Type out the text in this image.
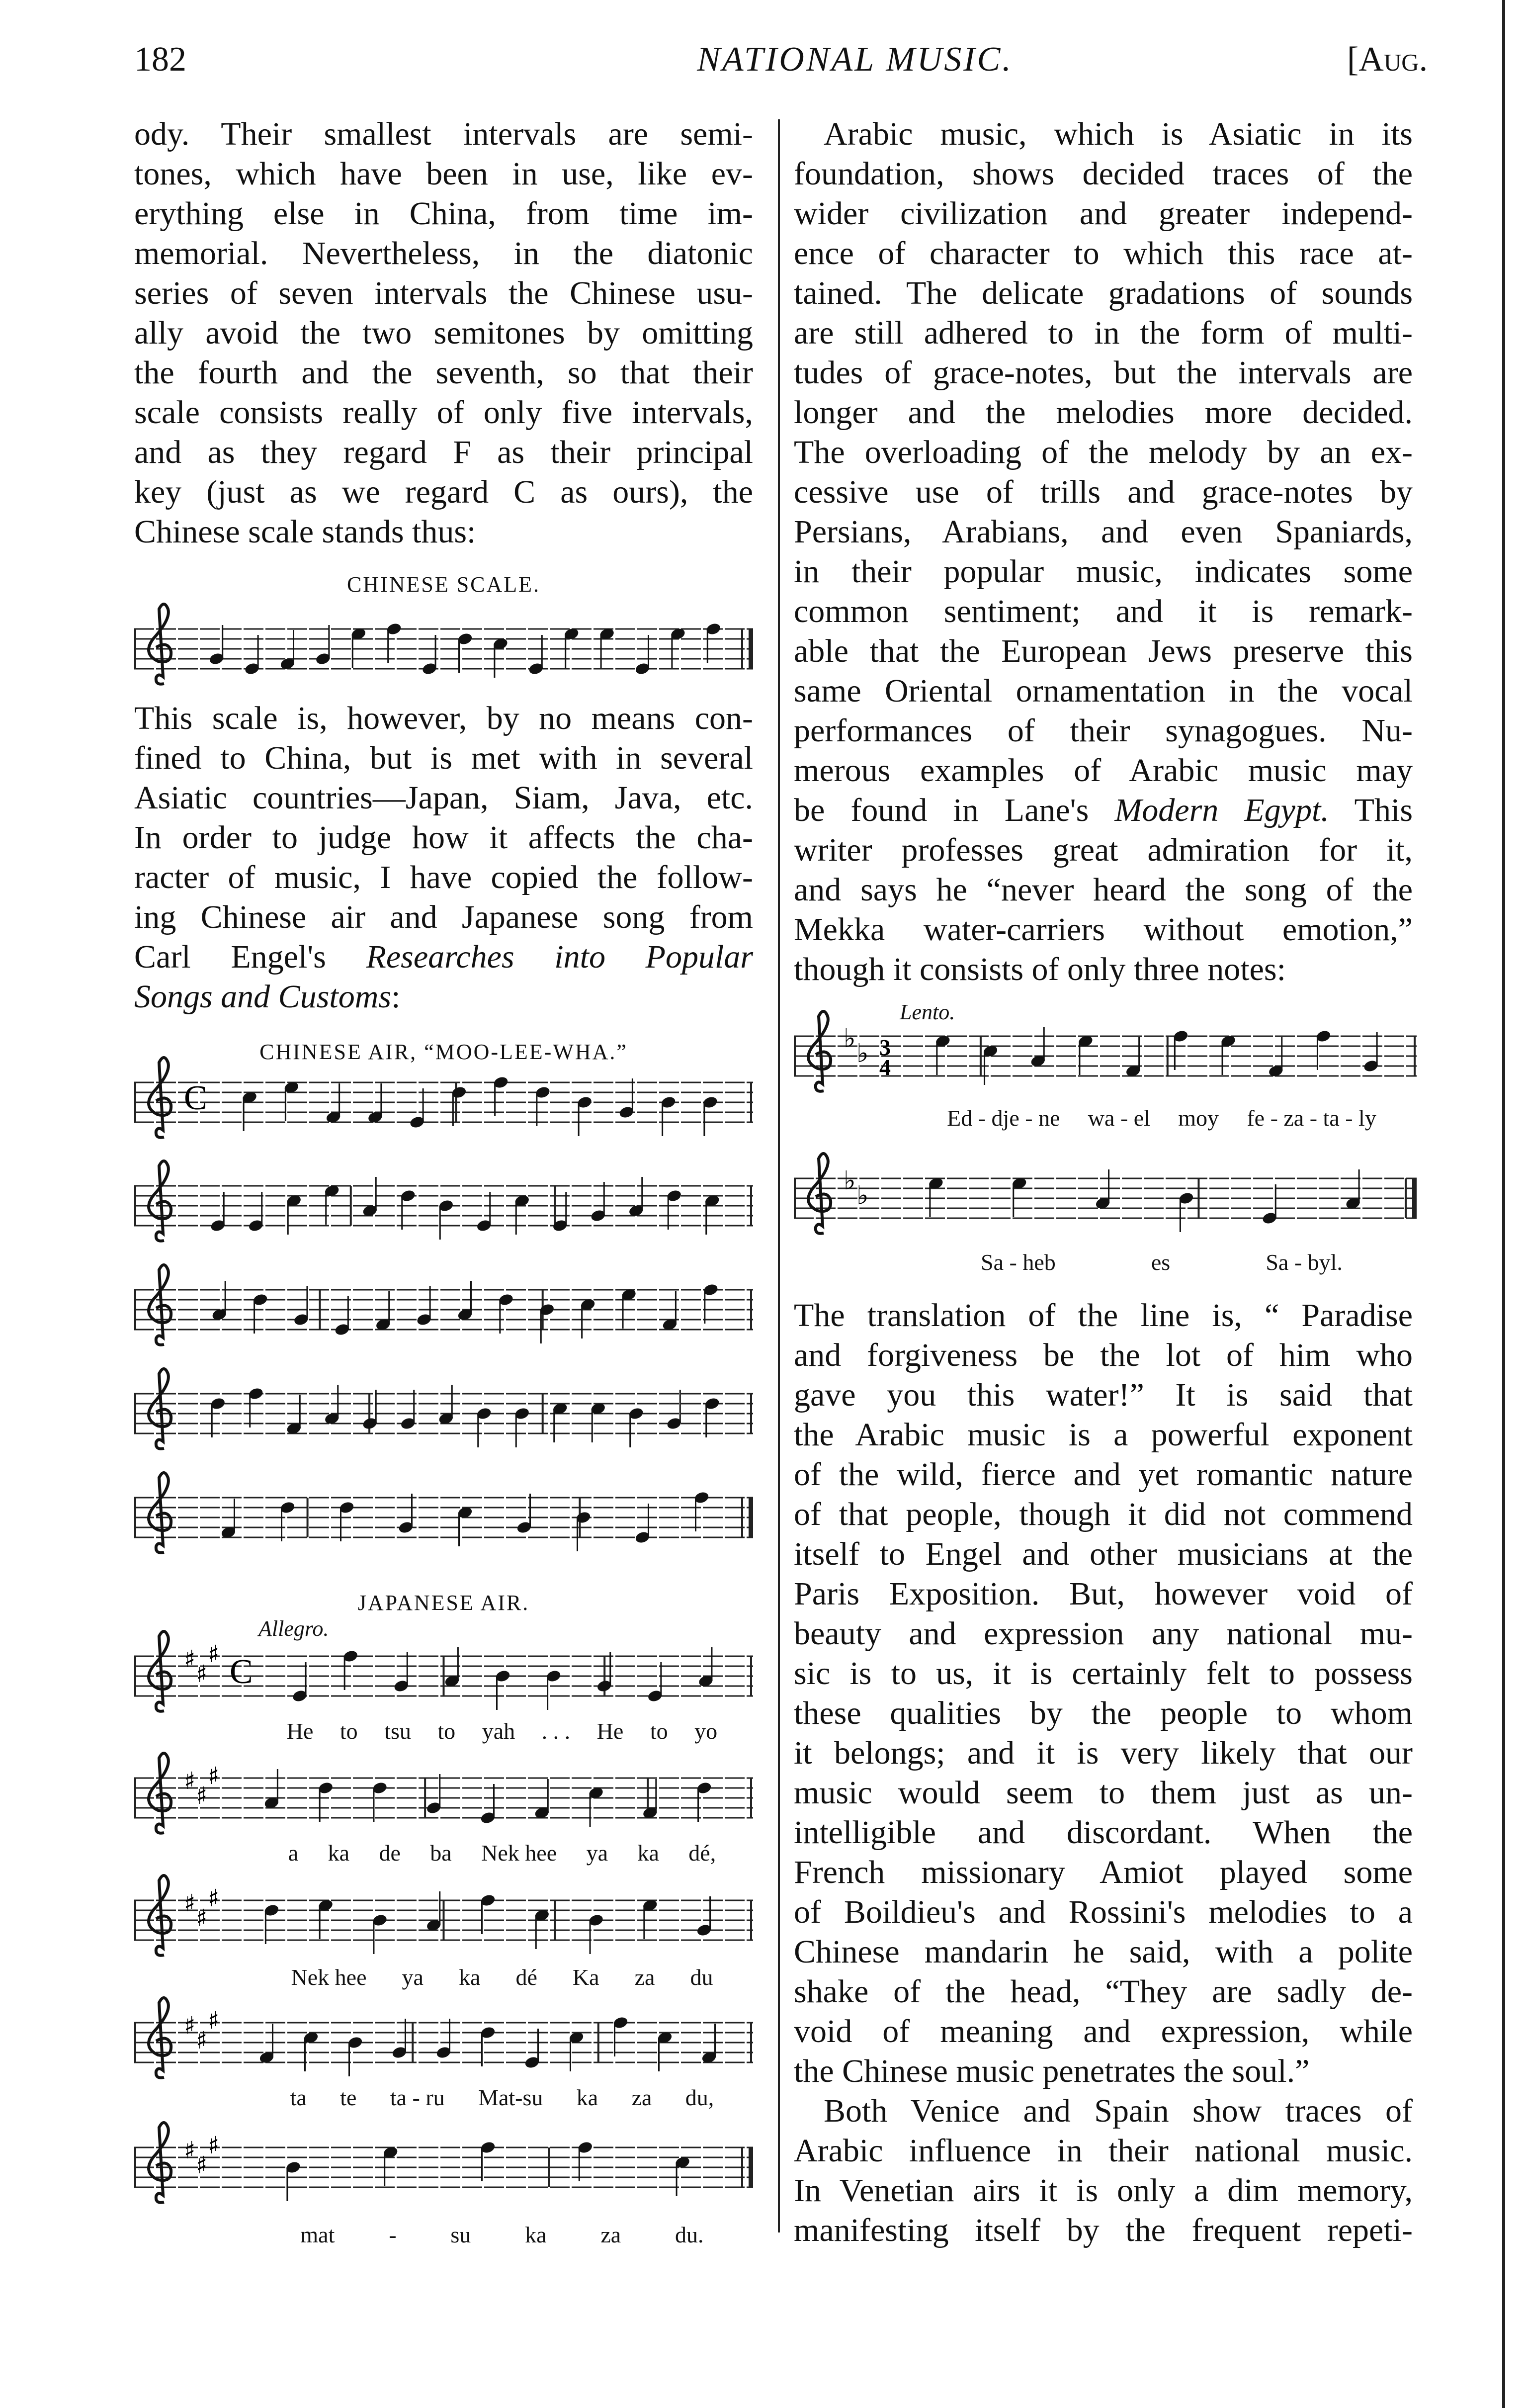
182	NATIONAL MUSIC.	[Aug.
ody. Their smallest intervals are semi-
tones, which have been in use, like ev-
erything else in China, from time im-
memorial. Nevertheless, in the diatonic
series of seven intervals the Chinese usu-
ally avoid the two semitones by omitting
the fourth and the seventh, so that their
scale consists really of only five intervals,
and as they regard F as their principal
key (just as we regard C as ours), the
Chinese scale stands thus:
CHINESE SCALE.
This scale is, however, by no means con-
fined to China, but is met with in several
Asiatic countries—Japan, Siam, Java, etc.
In order to judge how it affects the cha-
racter of music, I have copied the follow-
ing Chinese air and Japanese song from
Carl Engel's Researches into Popular
Songs and Customs:
CHINESE AIR, “MOO-LEE-WHA.”
JAPANESE AIR.
Allegro.
Arabic music, which is Asiatic in its
foundation, shows decided traces of the
wider civilization and greater independ-
ence of character to which this race at-
tained. The delicate gradations of sounds
are still adhered to in the form of multi-
tudes of grace-notes, but the intervals are
longer and the melodies more decided.
The overloading of the melody by an ex-
cessive use of trills and grace-notes by
Persians, Arabians, and even Spaniards,
in their popular music, indicates some
common sentiment; and it is remark-
able that the European Jews preserve this
same Oriental ornamentation in the vocal
performances of their synagogues. Nu-
merous examples of Arabic music may
be found in Lane's Modern Egypt. This
writer professes great admiration for it,
and says he “never heard the song of the
Mekka water-carriers without emotion,”
though it consists of only three notes:
Lento.
The translation of the line is, “ Paradise
and forgiveness be the lot of him who
gave you this water!” It is said that
the Arabic music is a powerful exponent
of the wild, fierce and yet romantic nature
of that people, though it did not commend
itself to Engel and other musicians at the
Paris Exposition. But, however void of
beauty and expression any national mu-
sic is to us, it is certainly felt to possess
these qualities by the people to whom
it belongs; and it is very likely that our
music would seem to them just as un-
intelligible and discordant. When the
French missionary Amiot played some
of Boildieu's and Rossini's melodies to a
Chinese mandarin he said, with a polite
shake of the head, “They are sadly de-
void of meaning and expression, while
the Chinese music penetrates the soul.”
Both Venice and Spain show traces of
Arabic influence in their national music.
In Venetian airs it is only a dim memory,
manifesting itself by the frequent repeti-
C
♯
♯
♯ C
♯
♯
♯
♯
♯
♯
♯
♯
♯
♯
♯
♯
♭ ♭ 3
4
♭ ♭
He to tsu to yah . . . He to yo
a ka de ba Nek hee ya ka dé,
Nek hee ya ka dé Ka za du
ta te ta - ru Mat-su ka za du,
mat - su ka za du.
Ed - dje - ne wa - el moy fe - za - ta - ly
Sa - heb	es	Sa - byl.
